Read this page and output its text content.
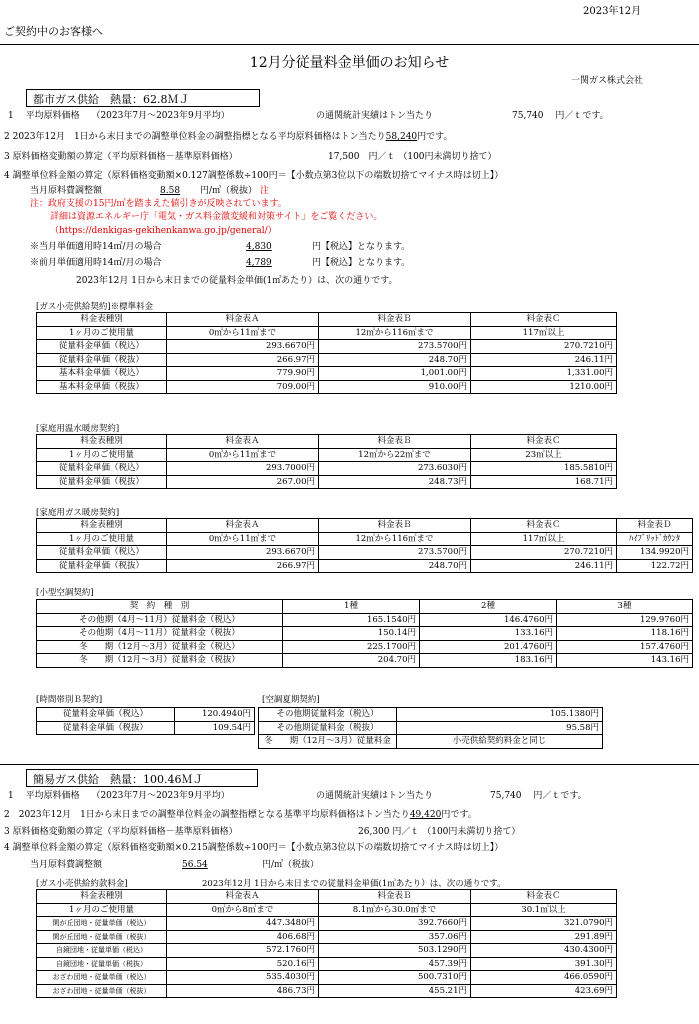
2023年12月
ご契約中のお客様へ
12月分従量料金単価のお知らせ
一関ガス株式会社
都市ガス供給　熱量：62.8ＭＪ
1　 平均原料価格　 （2023年7月～2023年9月平均）	の通関統計実績はトン当たり	75,740　 円／ｔです。
2 2023年12月　1日から末日までの調整単位料金の調整指標となる平均原料価格はトン当たり58,240円です。
3 原料価格変動額の算定（平均原料価格－基準原料価格）	17,500　円／ｔ （100円未満切り捨て）
4 調整単位料金額の算定（原料価格変動額×0.127調整係数÷100円＝【小数点第3位以下の端数切捨てマイナス時は切上】）
当月原料費調整額	8.58 円/㎥（税抜） 注
注：政府支援の15円/㎥を踏まえた値引きが反映されています。
詳細は資源エネルギー庁「電気・ガス料金激変緩和対策サイト」をご覧ください。
（https://denkigas-gekihenkanwa.go.jp/general/）
※当月単価適用時14㎥/月の場合	4,830	円【税込】となります。
※前月単価適用時14㎥/月の場合	4,789	円【税込】となります。
2023年12月 1日から末日までの従量料金単価(1㎥あたり）は、次の通りです。
[ガス小売供給契約]※標準料金
料金表種別	料金表Ａ	料金表Ｂ	料金表Ｃ
1ヶ月のご使用量	0㎥から11㎥まで	12㎥から116㎥まで	117㎥以上
従量料金単価（税込）	293.6670円	273.5700円	270.7210円
従量料金単価（税抜）	266.97円	248.70円	246.11円
基本料金単価（税込）	779.90円	1,001.00円	1,331.00円
基本料金単価（税抜）	709.00円	910.00円	1210.00円
[家庭用温水暖房契約]
料金表種別	料金表Ａ	料金表Ｂ	料金表Ｃ
1ヶ月のご使用量	0㎥から11㎥まで	12㎥から22㎥まで	23㎥以上
従量料金単価（税込）	293.7000円	273.6030円	185.5810円
従量料金単価（税抜）	267.00円	248.73円	168.71円
[家庭用ガス暖房契約]
料金表種別	料金表Ａ	料金表Ｂ	料金表Ｃ	料金表Ｄ
1ヶ月のご使用量	0㎥から11㎥まで	12㎥から116㎥まで	117㎥以上	ﾊｲﾌﾞﾘｯﾄﾞｶｳﾝﾀ
従量料金単価（税込）	293.6670円	273.5700円	270.7210円	134.9920円
従量料金単価（税抜）	266.97円	248.70円	246.11円	122.72円
[小型空調契約]
契　約　種　別	1種	2種	3種
その他期（4月～11月）従量料金（税込）	165.1540円	146.4760円	129.9760円
その他期（4月～11月）従量料金（税抜）	150.14円	133.16円	118.16円
冬　　期（12月～3月）従量料金（税込）	225.1700円	201.4760円	157.4760円
冬　　期（12月～3月）従量料金（税抜）	204.70円	183.16円	143.16円
[時間帯別Ｂ契約]
従量料金単価（税込）	120.4940円
従量料金単価（税抜）	109.54円
[空調夏期契約]
その他期従量料金（税込）	105.1380円
その他期従量料金（税抜）	95.58円
冬　　期（12月～3月）従量料金	小売供給契約料金と同じ
簡易ガス供給　熱量：100.46ＭＪ
1　 平均原料価格　 （2023年7月～2023年9月平均）	の通関統計実績はトン当たり	75,740　 円／ｔです。
2　2023年12月　1日から末日までの調整単位料金の調整指標となる基準平均原料価格はトン当たり49,420円です。
3 原料価格変動額の算定（平均原料価格－基準原料価格）	26,300 円／ｔ （100円未満切り捨て）
4 調整単位料金額の算定（原料価格変動額×0.215調整係数÷100円＝【小数点第3位以下の端数切捨てマイナス時は切上】）
当月原料費調整額	56.54	円/㎥（税抜）
[ガス小売供給約款料金]	2023年12月 1日から末日までの従量料金単価(1㎥あたり）は、次の通りです。
料金表種別	料金表Ａ	料金表Ｂ	料金表Ｃ
1ヶ月のご使用量	0㎥から8㎥まで	8.1㎥から30.0㎥まで	30.1㎥以上
閑が丘団地・従量単価（税込）	447.3480円	392.7660円	321.0790円
閑が丘団地・従量単価（税抜）	406.68円	357.06円	291.89円
自鏡団地・従量単価（税込）	572.1760円	503.1290円	430.4300円
自鏡団地・従量単価（税抜）	520.16円	457.39円	391.30円
おざわ団地・従量単価（税込）	535.4030円	500.7310円	466.0590円
おざわ団地・従量単価（税抜）	486.73円	455.21円	423.69円
